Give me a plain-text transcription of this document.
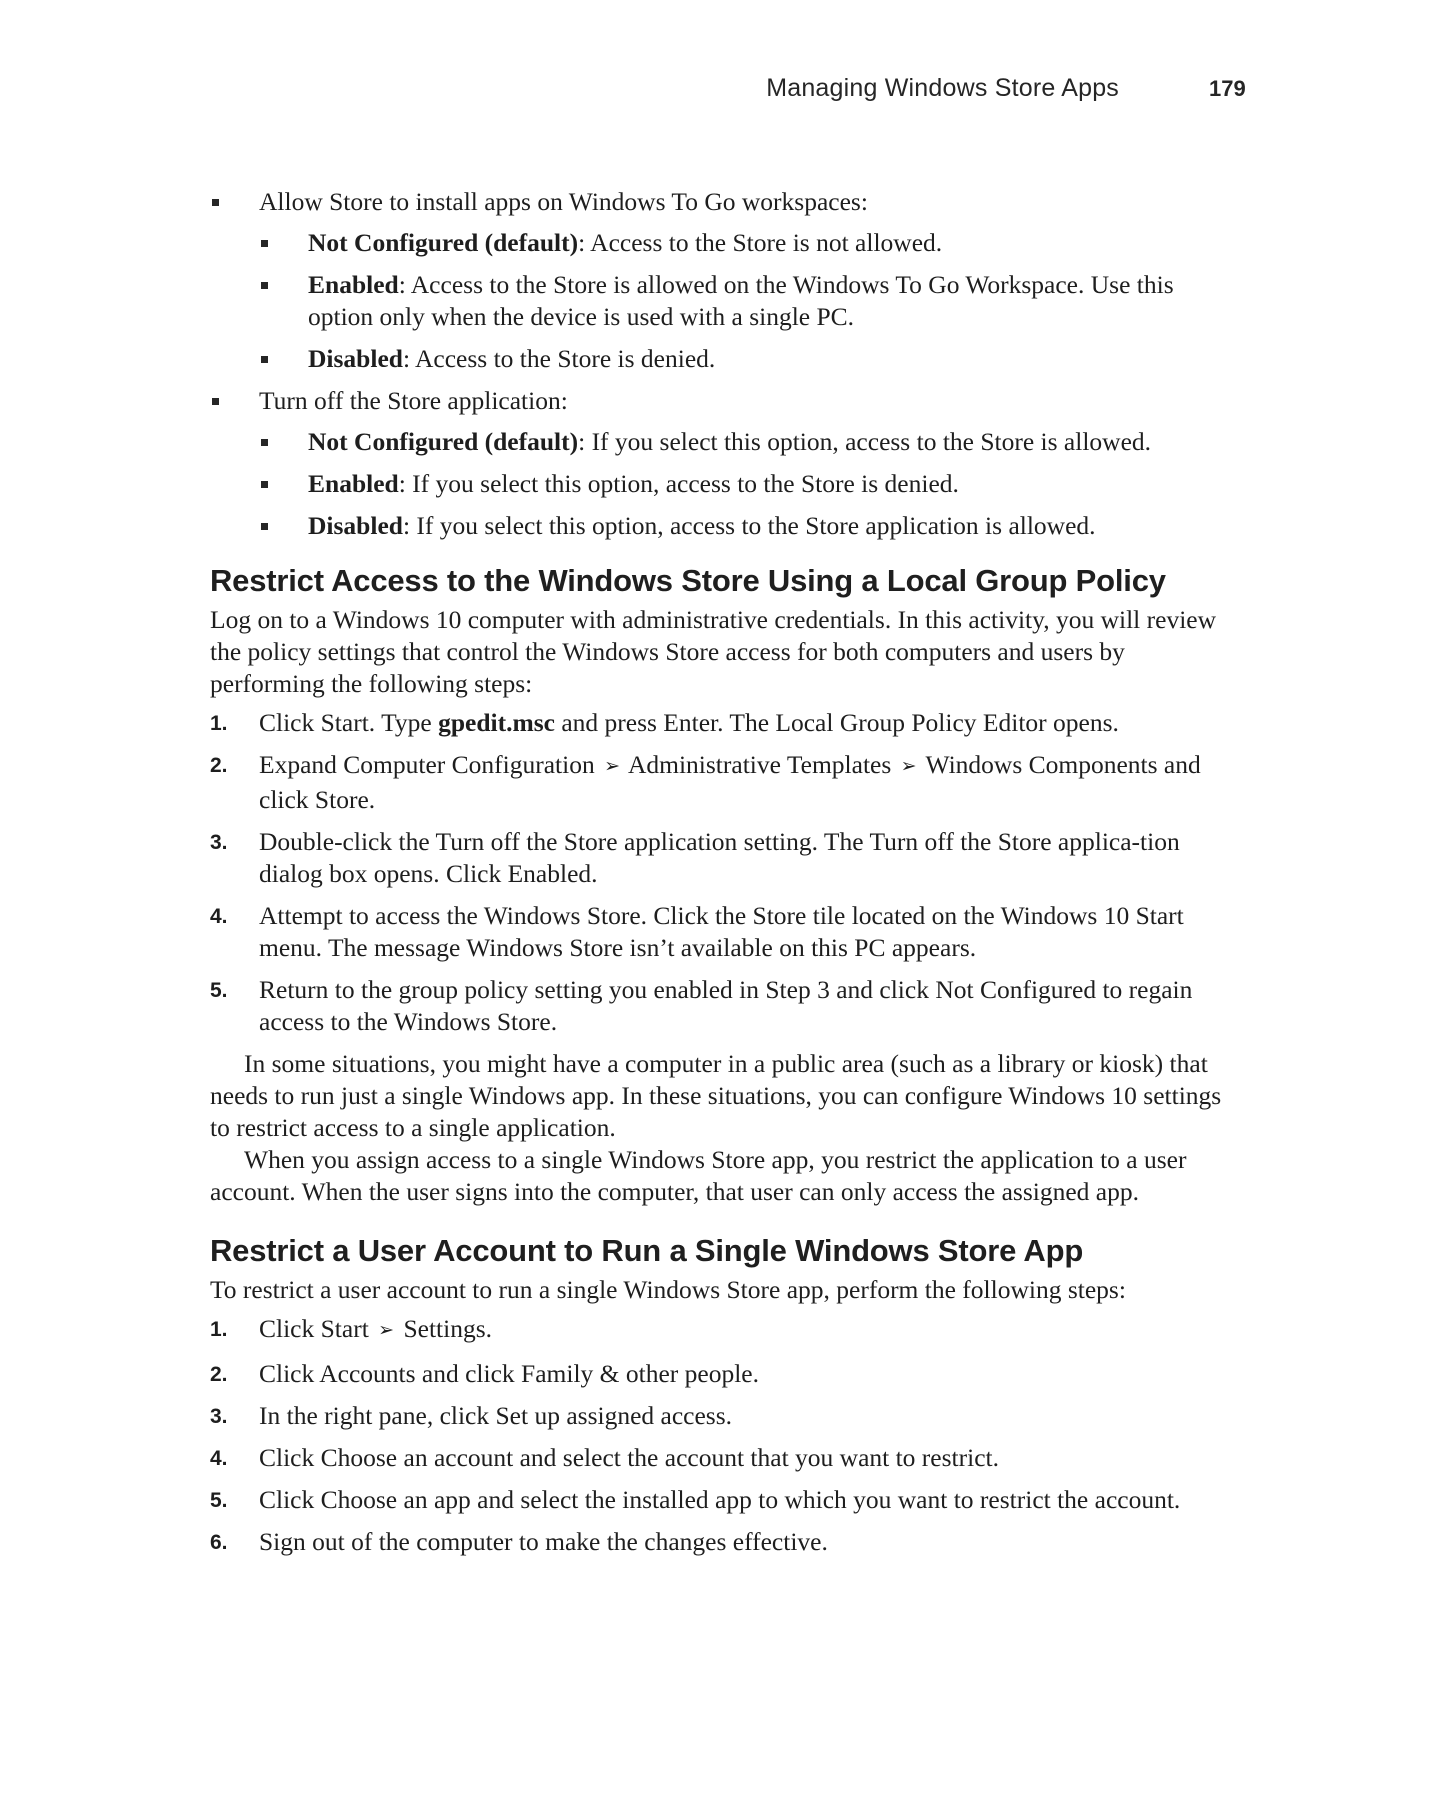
Managing Windows Store Apps	179
Allow Store to install apps on Windows To Go workspaces:
Not Configured (default): Access to the Store is not allowed.
Enabled: Access to the Store is allowed on the Windows To Go Workspace. Use this option only when the device is used with a single PC.
Disabled: Access to the Store is denied.
Turn off the Store application:
Not Configured (default): If you select this option, access to the Store is allowed.
Enabled: If you select this option, access to the Store is denied.
Disabled: If you select this option, access to the Store application is allowed.
Restrict Access to the Windows Store Using a Local Group Policy

Log on to a Windows 10 computer with administrative credentials. In this activity, you will review the policy settings that control the Windows Store access for both computers and users by performing the following steps:

1. Click Start. Type gpedit.msc and press Enter. The Local Group Policy Editor opens.
2. Expand Computer Configuration ➢ Administrative Templates ➢ Windows Components and click Store.
3. Double-click the Turn off the Store application setting. The Turn off the Store applica-tion dialog box opens. Click Enabled.
4. Attempt to access the Windows Store. Click the Store tile located on the Windows 10 Start menu. The message Windows Store isn’t available on this PC appears.
5. Return to the group policy setting you enabled in Step 3 and click Not Configured to regain access to the Windows Store.

In some situations, you might have a computer in a public area (such as a library or kiosk) that needs to run just a single Windows app. In these situations, you can configure Windows 10 settings to restrict access to a single application.

When you assign access to a single Windows Store app, you restrict the application to a user account. When the user signs into the computer, that user can only access the assigned app.

Restrict a User Account to Run a Single Windows Store App

To restrict a user account to run a single Windows Store app, perform the following steps:

1. Click Start ➢ Settings.
2. Click Accounts and click Family & other people.
3. In the right pane, click Set up assigned access.
4. Click Choose an account and select the account that you want to restrict.
5. Click Choose an app and select the installed app to which you want to restrict the account.
6. Sign out of the computer to make the changes effective.
